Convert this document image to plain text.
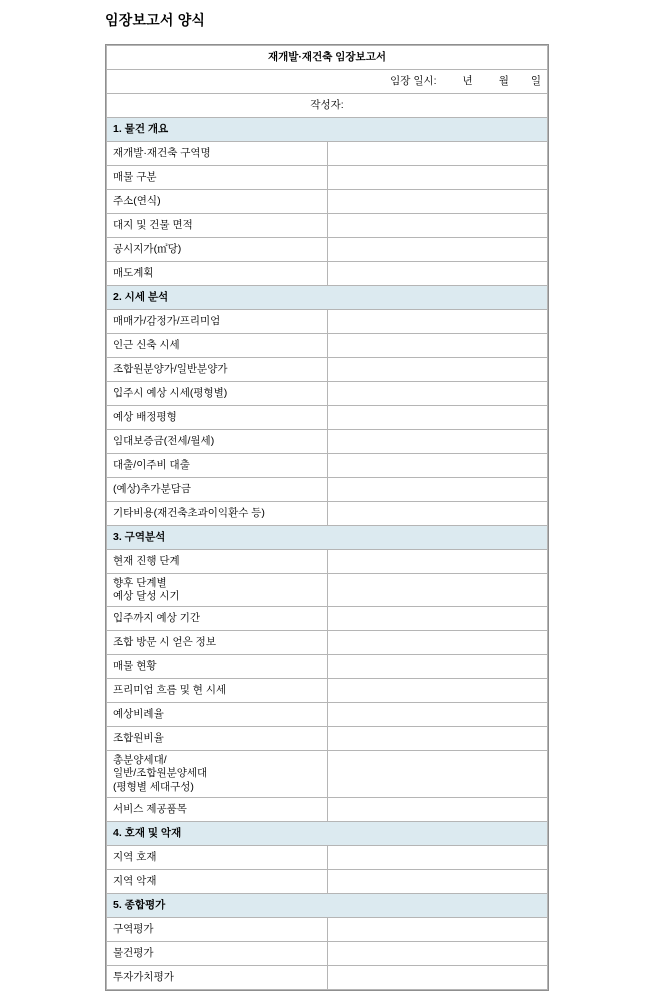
임장보고서 양식
재개발·재건축 임장보고서	
임장 일시: 년 월 일	
작성자:	
1. 물건 개요	
재개발·재건축 구역명	
매물 구분	
주소(연식)	
대지 및 건물 면적	
공시지가(㎡당)	
매도계획	
2. 시세 분석	
매매가/감정가/프리미엄	
인근 신축 시세	
조합원분양가/일반분양가	
입주시 예상 시세(평형별)	
예상 배정평형	
임대보증금(전세/월세)	
대출/이주비 대출	
(예상)추가분담금	
기타비용(재건축초과이익환수 등)	
3. 구역분석	
현재 진행 단계	
향후 단계별
예상 달성 시기	

입주까지 예상 기간	
조합 방문 시 얻은 정보	
매물 현황	
프리미엄 흐름 및 현 시세	
예상비례율	
조합원비율	
총분양세대/
일반/조합원분양세대
(평형별 세대구성)	

서비스 제공품목	
4. 호재 및 악재	
지역 호재	
지역 악재	
5. 종합평가	
구역평가	
물건평가	
투자가치평가	
